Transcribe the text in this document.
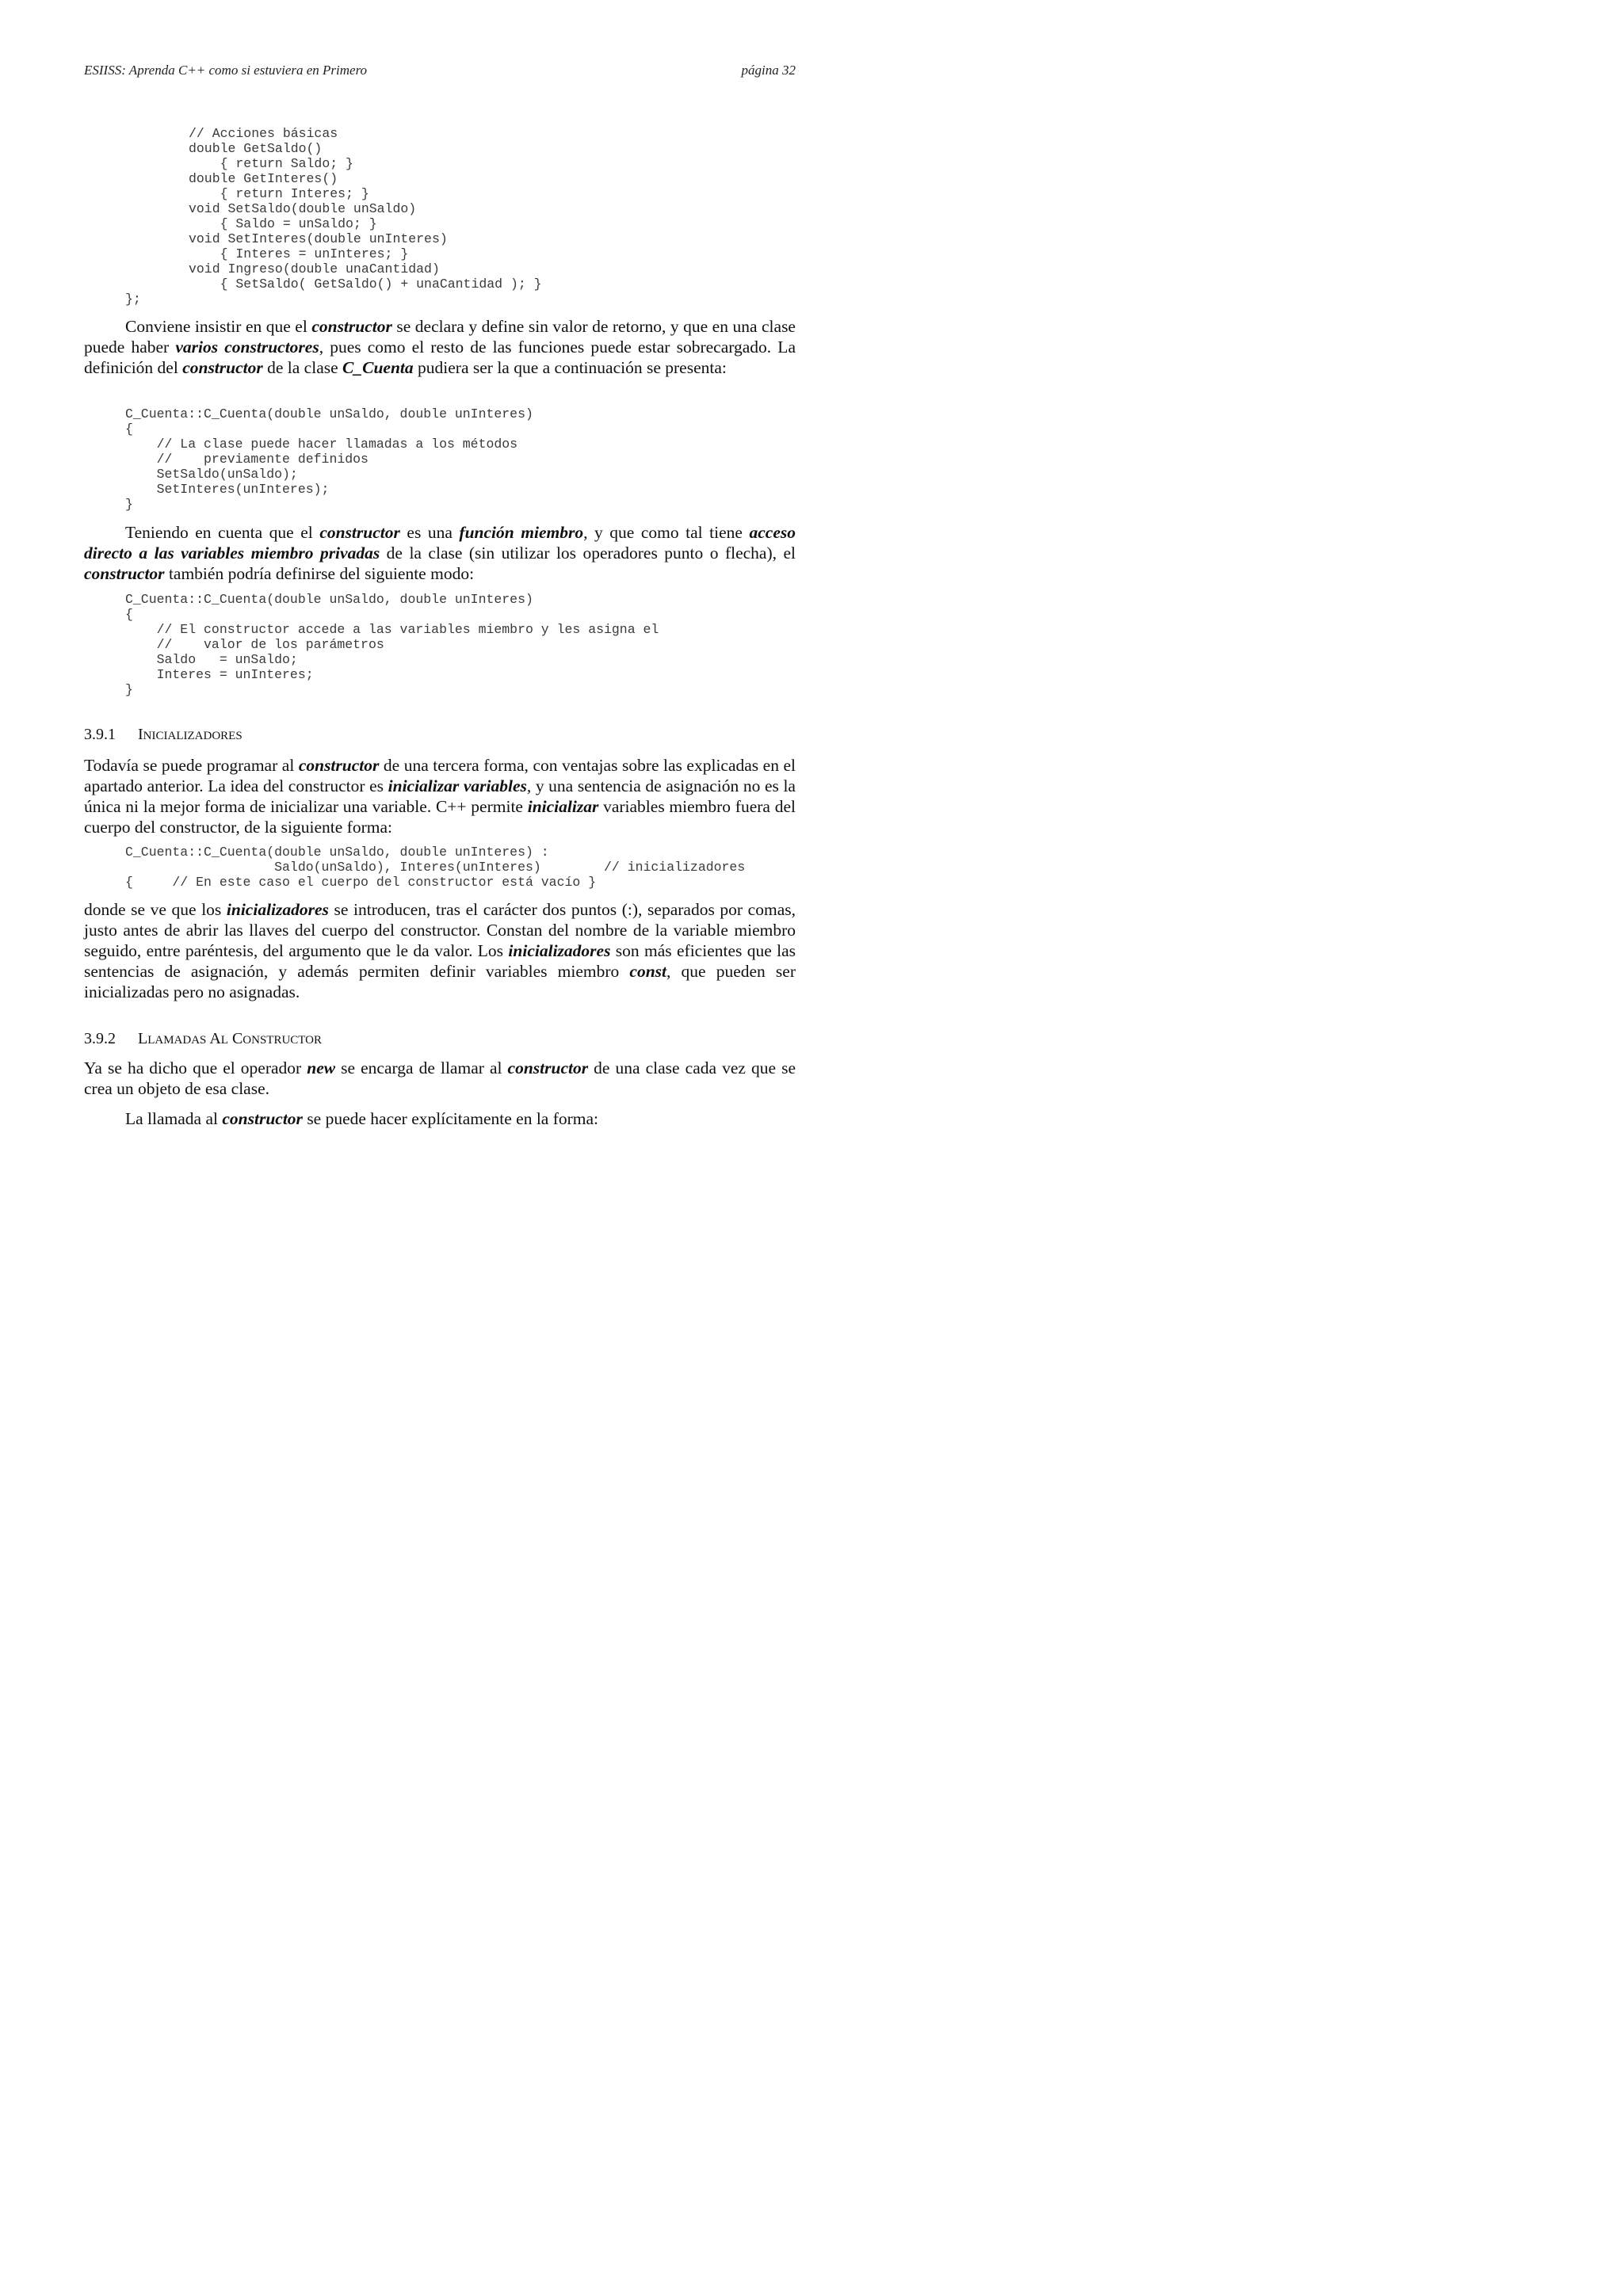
ESIISS: Aprenda C++ como si estuviera en Primero	página 32
// Acciones básicas
double GetSaldo()
{ return Saldo; }
double GetInteres()
{ return Interes; }
void SetSaldo(double unSaldo)
{ Saldo = unSaldo; }
void SetInteres(double unInteres)
{ Interes = unInteres; }
void Ingreso(double unaCantidad)
{ SetSaldo( GetSaldo() + unaCantidad ); }
};

Conviene insistir en que el constructor se declara y define sin valor de retorno, y que en una clase puede haber varios constructores, pues como el resto de las funciones puede estar sobrecargado. La definición del constructor de la clase C_Cuenta pudiera ser la que a continuación se presenta:

C_Cuenta::C_Cuenta(double unSaldo, double unInteres)
{
// La clase puede hacer llamadas a los métodos
//    previamente definidos
SetSaldo(unSaldo);
SetInteres(unInteres);
}

Teniendo en cuenta que el constructor es una función miembro, y que como tal tiene acceso directo a las variables miembro privadas de la clase (sin utilizar los operadores punto o flecha), el constructor también podría definirse del siguiente modo:

C_Cuenta::C_Cuenta(double unSaldo, double unInteres)
{
// El constructor accede a las variables miembro y les asigna el
//    valor de los parámetros
Saldo   = unSaldo;
Interes = unInteres;
}
3.9.1 INICIALIZADORES

Todavía se puede programar al constructor de una tercera forma, con ventajas sobre las explicadas en el apartado anterior. La idea del constructor es inicializar variables, y una sentencia de asignación no es la única ni la mejor forma de inicializar una variable. C++ permite inicializar variables miembro fuera del cuerpo del constructor, de la siguiente forma:

C_Cuenta::C_Cuenta(double unSaldo, double unInteres) :
Saldo(unSaldo), Interes(unInteres)        // inicializadores
{     // En este caso el cuerpo del constructor está vacío }

donde se ve que los inicializadores se introducen, tras el carácter dos puntos (:), separados por comas, justo antes de abrir las llaves del cuerpo del constructor. Constan del nombre de la variable miembro seguido, entre paréntesis, del argumento que le da valor. Los inicializadores son más eficientes que las sentencias de asignación, y además permiten definir variables miembro const, que pueden ser inicializadas pero no asignadas.

3.9.2 LLAMADAS AL CONSTRUCTOR

Ya se ha dicho que el operador new se encarga de llamar al constructor de una clase cada vez que se crea un objeto de esa clase.

La llamada al constructor se puede hacer explícitamente en la forma:
